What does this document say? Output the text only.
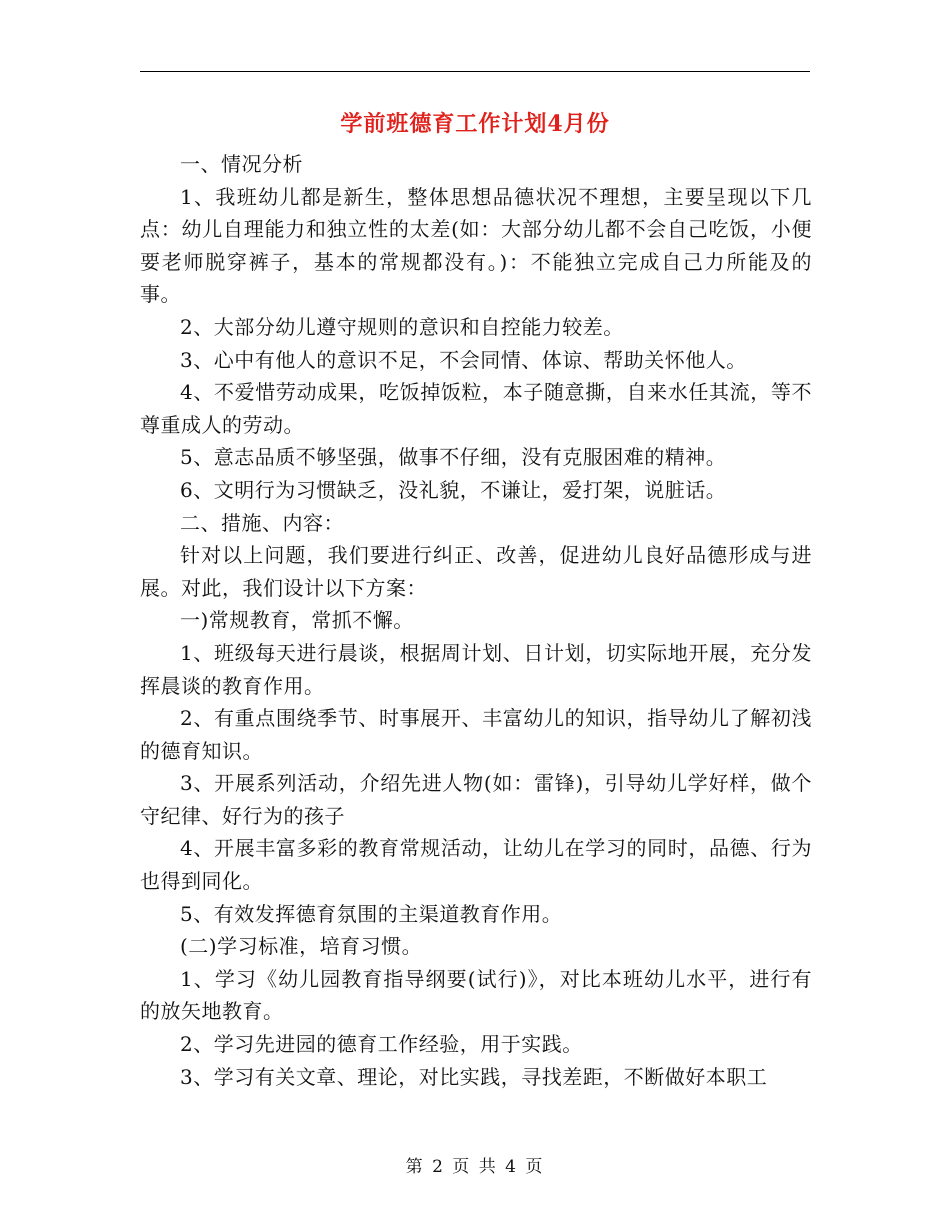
学前班德育工作计划4月份

一、情况分析

1、我班幼儿都是新生，整体思想品德状况不理想，主要呈现以下几点：幼儿自理能力和独立性的太差(如：大部分幼儿都不会自己吃饭，小便要老师脱穿裤子，基本的常规都没有。)：不能独立完成自己力所能及的事。

2、大部分幼儿遵守规则的意识和自控能力较差。

3、心中有他人的意识不足，不会同情、体谅、帮助关怀他人。

4、不爱惜劳动成果，吃饭掉饭粒，本子随意撕，自来水任其流，等不尊重成人的劳动。

5、意志品质不够坚强，做事不仔细，没有克服困难的精神。

6、文明行为习惯缺乏，没礼貌，不谦让，爱打架，说脏话。

二、措施、内容：

针对以上问题，我们要进行纠正、改善，促进幼儿良好品德形成与进展。对此，我们设计以下方案：

一)常规教育，常抓不懈。

1、班级每天进行晨谈，根据周计划、日计划，切实际地开展，充分发挥晨谈的教育作用。

2、有重点围绕季节、时事展开、丰富幼儿的知识，指导幼儿了解初浅的德育知识。

3、开展系列活动，介绍先进人物(如：雷锋)，引导幼儿学好样，做个守纪律、好行为的孩子

4、开展丰富多彩的教育常规活动，让幼儿在学习的同时，品德、行为也得到同化。

5、有效发挥德育氛围的主渠道教育作用。

(二)学习标准，培育习惯。

1、学习《幼儿园教育指导纲要(试行)》，对比本班幼儿水平，进行有的放矢地教育。

2、学习先进园的德育工作经验，用于实践。

3、学习有关文章、理论，对比实践，寻找差距，不断做好本职工

第 2 页 共 4 页
